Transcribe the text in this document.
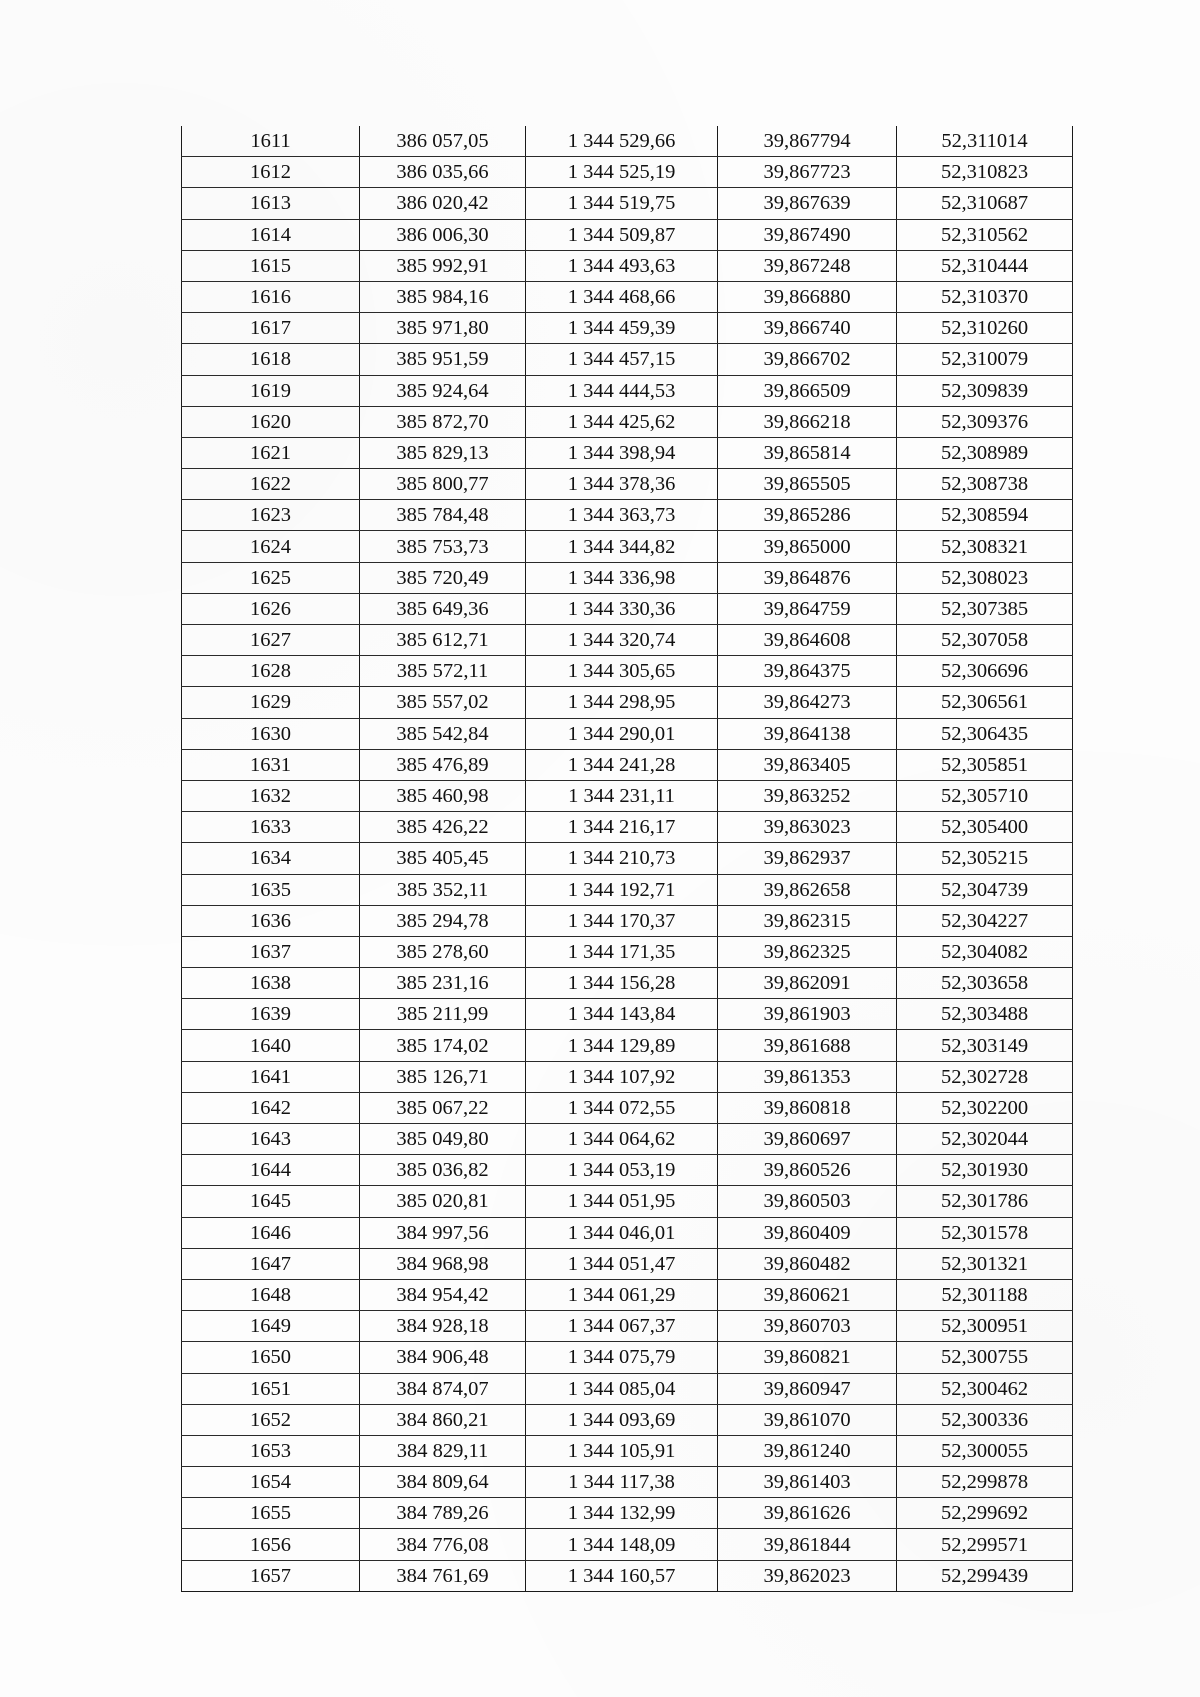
1611	386 057,05	1 344 529,66	39,867794	52,311014
1612	386 035,66	1 344 525,19	39,867723	52,310823
1613	386 020,42	1 344 519,75	39,867639	52,310687
1614	386 006,30	1 344 509,87	39,867490	52,310562
1615	385 992,91	1 344 493,63	39,867248	52,310444
1616	385 984,16	1 344 468,66	39,866880	52,310370
1617	385 971,80	1 344 459,39	39,866740	52,310260
1618	385 951,59	1 344 457,15	39,866702	52,310079
1619	385 924,64	1 344 444,53	39,866509	52,309839
1620	385 872,70	1 344 425,62	39,866218	52,309376
1621	385 829,13	1 344 398,94	39,865814	52,308989
1622	385 800,77	1 344 378,36	39,865505	52,308738
1623	385 784,48	1 344 363,73	39,865286	52,308594
1624	385 753,73	1 344 344,82	39,865000	52,308321
1625	385 720,49	1 344 336,98	39,864876	52,308023
1626	385 649,36	1 344 330,36	39,864759	52,307385
1627	385 612,71	1 344 320,74	39,864608	52,307058
1628	385 572,11	1 344 305,65	39,864375	52,306696
1629	385 557,02	1 344 298,95	39,864273	52,306561
1630	385 542,84	1 344 290,01	39,864138	52,306435
1631	385 476,89	1 344 241,28	39,863405	52,305851
1632	385 460,98	1 344 231,11	39,863252	52,305710
1633	385 426,22	1 344 216,17	39,863023	52,305400
1634	385 405,45	1 344 210,73	39,862937	52,305215
1635	385 352,11	1 344 192,71	39,862658	52,304739
1636	385 294,78	1 344 170,37	39,862315	52,304227
1637	385 278,60	1 344 171,35	39,862325	52,304082
1638	385 231,16	1 344 156,28	39,862091	52,303658
1639	385 211,99	1 344 143,84	39,861903	52,303488
1640	385 174,02	1 344 129,89	39,861688	52,303149
1641	385 126,71	1 344 107,92	39,861353	52,302728
1642	385 067,22	1 344 072,55	39,860818	52,302200
1643	385 049,80	1 344 064,62	39,860697	52,302044
1644	385 036,82	1 344 053,19	39,860526	52,301930
1645	385 020,81	1 344 051,95	39,860503	52,301786
1646	384 997,56	1 344 046,01	39,860409	52,301578
1647	384 968,98	1 344 051,47	39,860482	52,301321
1648	384 954,42	1 344 061,29	39,860621	52,301188
1649	384 928,18	1 344 067,37	39,860703	52,300951
1650	384 906,48	1 344 075,79	39,860821	52,300755
1651	384 874,07	1 344 085,04	39,860947	52,300462
1652	384 860,21	1 344 093,69	39,861070	52,300336
1653	384 829,11	1 344 105,91	39,861240	52,300055
1654	384 809,64	1 344 117,38	39,861403	52,299878
1655	384 789,26	1 344 132,99	39,861626	52,299692
1656	384 776,08	1 344 148,09	39,861844	52,299571
1657	384 761,69	1 344 160,57	39,862023	52,299439
